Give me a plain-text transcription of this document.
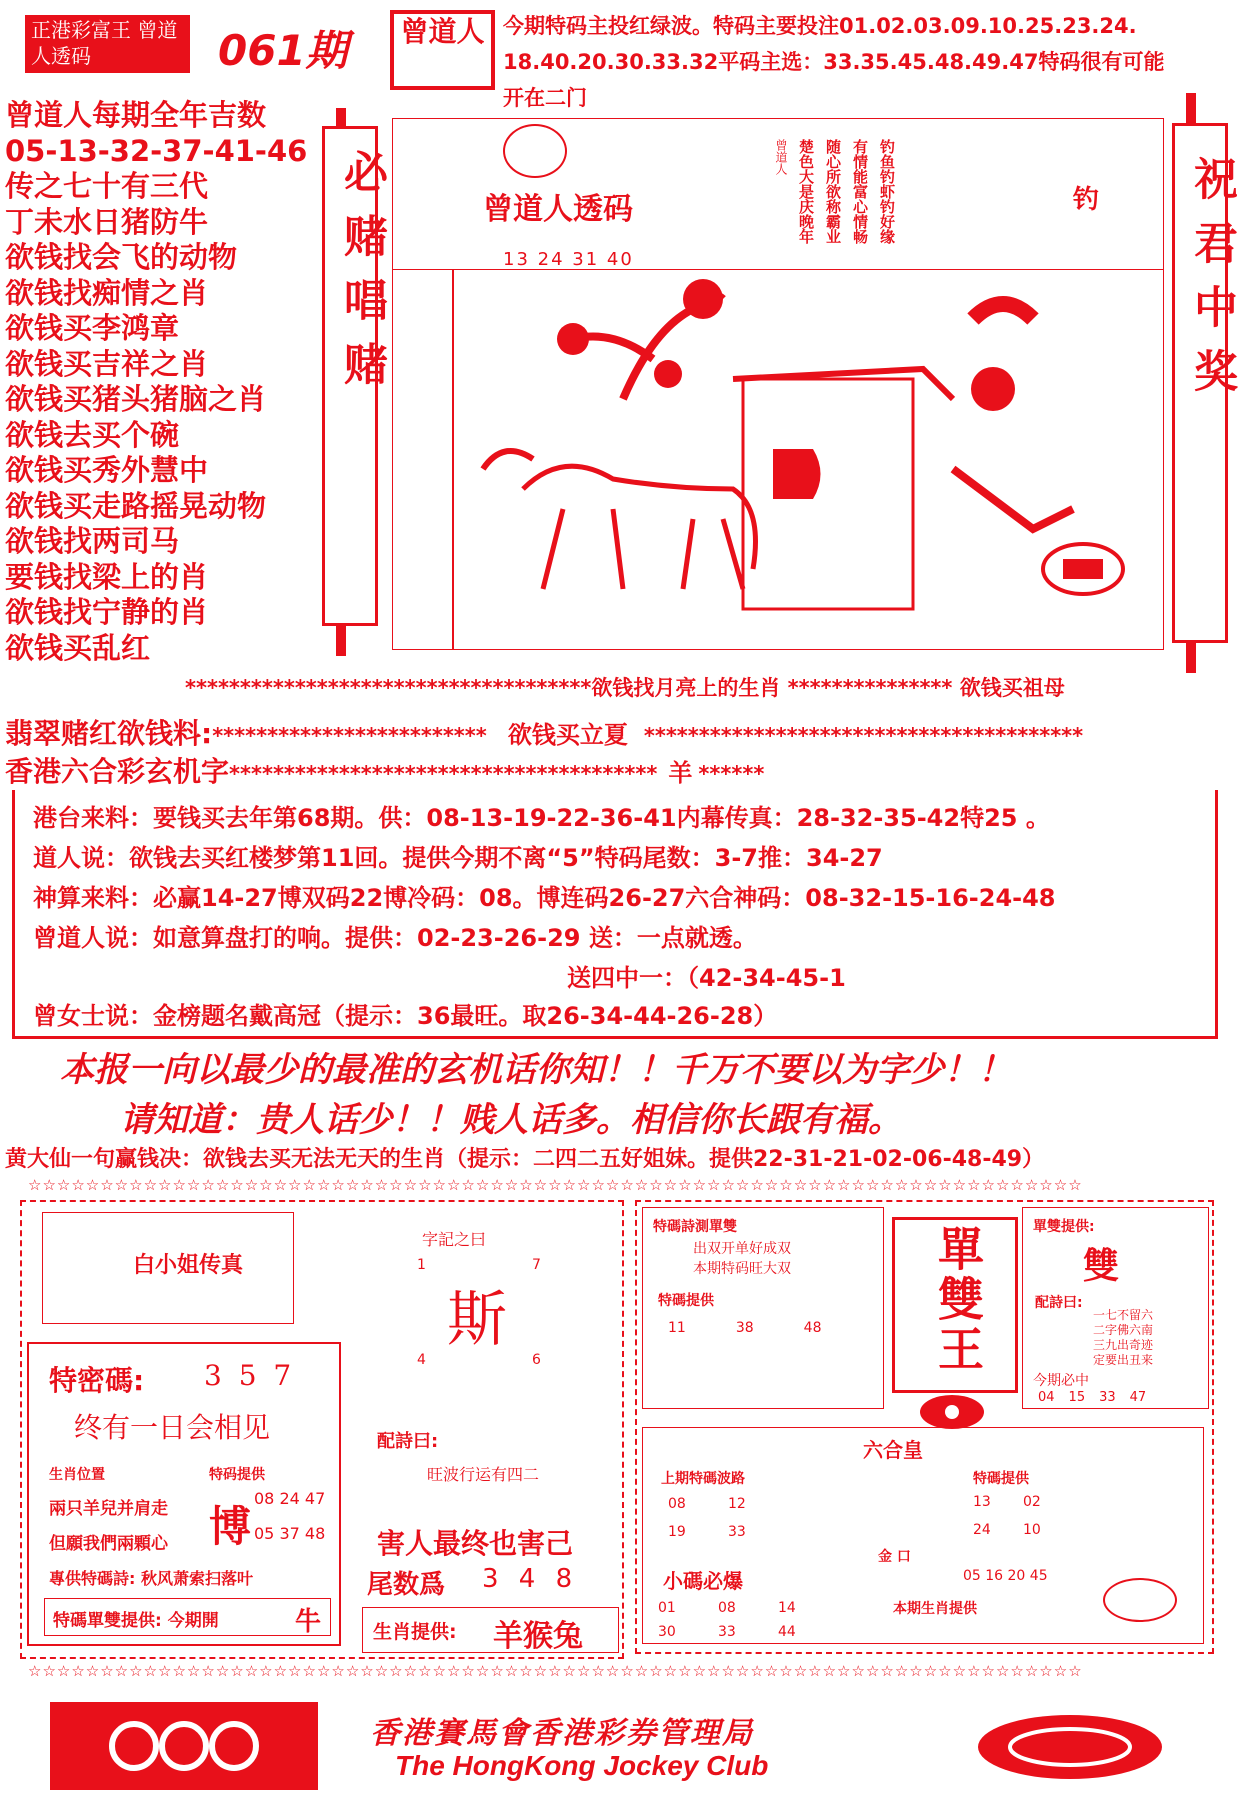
正港彩富王 曾道人透码	061期	曾道人 今期特码主投红绿波。特码主要投注01.02.03.09.10.25.23.24.
18.40.20.30.33.32平码主选：33.35.45.48.49.47特码很有可能
开在二门
曾道人每期全年吉数
05-13-32-37-41-46
传之七十有三代
丁未水日猪防牛
欲钱找会飞的动物
欲钱找痴情之肖
欲钱买李鸿章
欲钱买吉祥之肖
欲钱买猪头猪脑之肖
欲钱去买个碗
欲钱买秀外慧中
欲钱买走路摇晃动物
欲钱找两司马
要钱找梁上的肖
欲钱找宁静的肖
欲钱买乱红
必赌唱赌	祝君中奖
曾道人透码
13 24 31 40
钓鱼钓虾钓好缘
有情能富心情畅
随心所欲称霸业
楚色大是庆晚年
曾道人
钓
*************************************欲钱找月亮上的生肖 *************** 欲钱买祖母
翡翠赌红欲钱料:************************* 欲钱买立夏 ****************************************
香港六合彩玄机字*************************************** 羊 ******
港台来料：要钱买去年第68期。供：08-13-19-22-36-41内幕传真：28-32-35-42特25 。
道人说：欲钱去买红楼梦第11回。提供今期不离“5”特码尾数：3-7推：34-27
神算来料：必赢14-27博双码22博冷码：08。博连码26-27六合神码：08-32-15-16-24-48
曾道人说：如意算盘打的响。提供：02-23-26-29 送：一点就透。
送四中一：（42-34-45-1
曾女士说：金榜题名戴高冠（提示：36最旺。取26-34-44-26-28）
本报一向以最少的最准的玄机话你知！！千万不要以为字少！！
请知道：贵人话少！！贱人话多。相信你长跟有福。
黄大仙一句赢钱决：欲钱去买无法无天的生肖（提示：二四二五好姐妹。提供22-31-21-02-06-48-49）
☆☆☆☆☆☆☆☆☆☆☆☆☆☆☆☆☆☆☆☆☆☆☆☆☆☆☆☆☆☆☆☆☆☆☆☆☆☆☆☆☆☆☆☆☆☆☆☆☆☆☆☆☆☆☆☆☆☆☆☆☆☆☆☆☆☆☆☆☆☆☆☆☆
白小姐传真
字記之曰
1	7
斯
4	6
特密碼: 3 5 7
终有一日会相见
生肖位置	特码提供
兩只羊兒并肩走 博
08 24 47
05 37 48
但願我們兩顆心
專供特碼詩: 秋风萧索扫落叶
特碼單雙提供: 今期開	牛
配詩曰:
旺波行运有四二
害人最终也害己
尾数爲 3 4 8
生肖提供: 羊猴兔
特碼詩測單雙
出双开单好成双
本期特码旺大双
特碼提供
11	38	48 單雙王	單雙提供:
雙
配詩曰:
一七不留六
二字佛六南
三九出奇迹
定要出丑来
今期必中
04 15 33 47
六合皇
上期特碼波路
08	12
19	33
小碼必爆
01	08	14
30	33	44
金 口
05 16 20 45
本期生肖提供
特碼提供
13	02
24	10
☆☆☆☆☆☆☆☆☆☆☆☆☆☆☆☆☆☆☆☆☆☆☆☆☆☆☆☆☆☆☆☆☆☆☆☆☆☆☆☆☆☆☆☆☆☆☆☆☆☆☆☆☆☆☆☆☆☆☆☆☆☆☆☆☆☆☆☆☆☆☆☆☆
香港賽馬會香港彩券管理局
The HongKong Jockey Club
